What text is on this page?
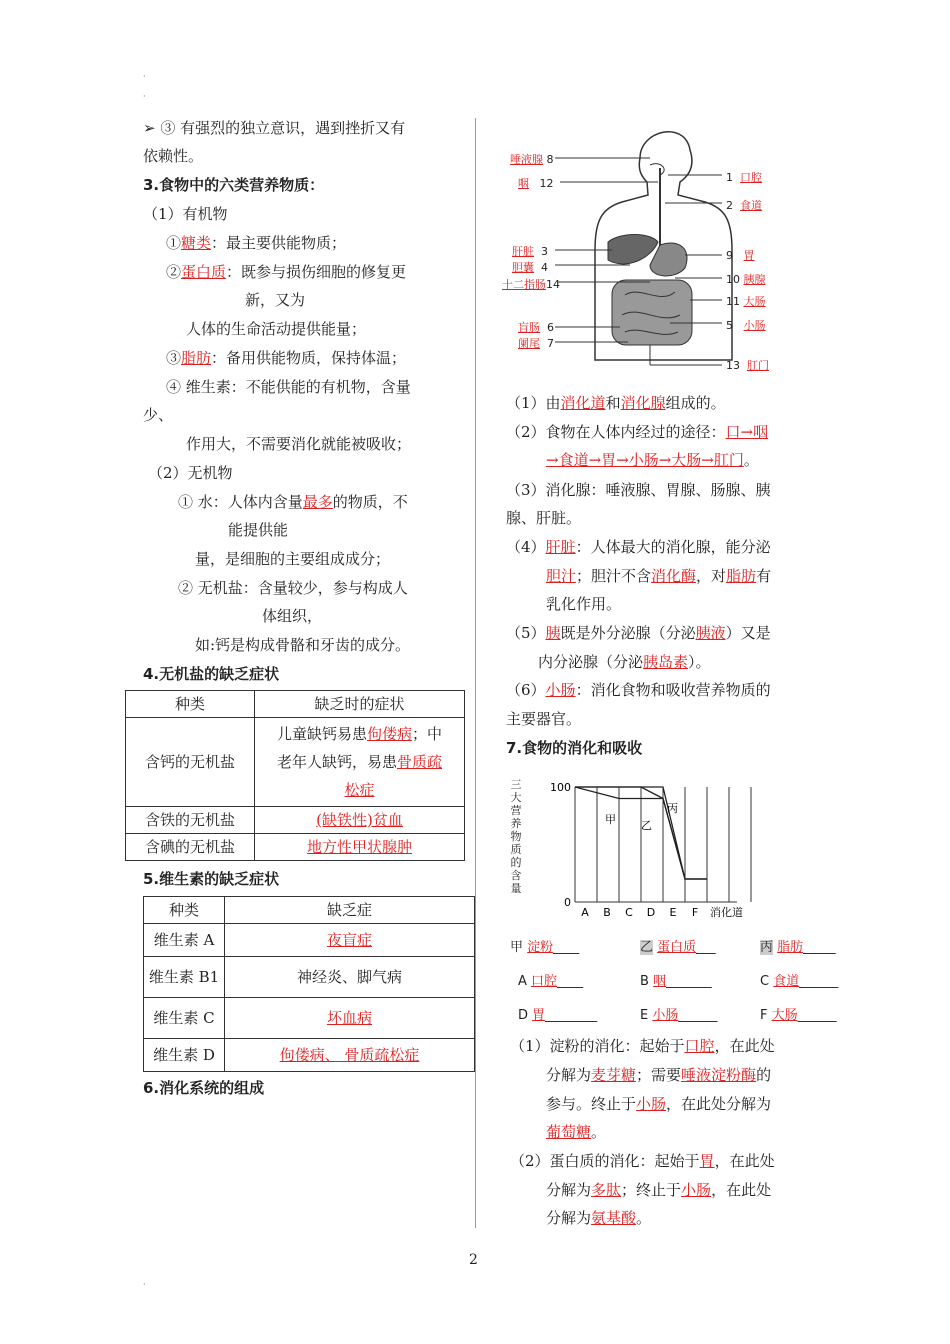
·
·
➢ ③ 有强烈的独立意识，遇到挫折又有
依赖性。
3.食物中的六类营养物质：
（1）有机物
①糖类：最主要供能物质；
②蛋白质：既参与损伤细胞的修复更
新，又为
人体的生命活动提供能量；
③脂肪：备用供能物质，保持体温；
④ 维生素：不能供能的有机物，含量
少、
作用大，不需要消化就能被吸收；
（2）无机物
① 水：人体内含量最多的物质，不
能提供能
量，是细胞的主要组成成分；
② 无机盐：含量较少，参与构成人
体组织，
如:钙是构成骨骼和牙齿的成分。
4.无机盐的缺乏症状
种类	缺乏时的症状
含钙的无机盐	儿童缺钙易患佝偻病；中
老年人缺钙，易患骨质疏
松症
含铁的无机盐	(缺铁性)贫血
含碘的无机盐	地方性甲状腺肿
5.维生素的缺乏症状
种类	缺乏症
维生素 A	夜盲症
维生素 B1	神经炎、脚气病
维生素 C	坏血病
维生素 D	佝偻病、 骨质疏松症
6.消化系统的组成
唾液腺 8
咽 12
肝脏 3
胆囊 4
十二指肠14
盲肠 6
阑尾 7
1 口腔
2 食道
9 胃
10 胰腺
11 大肠
5 小肠
13 肛门
（1）由消化道和消化腺组成的。
（2）食物在人体内经过的途径：口→咽
→食道→胃→小肠→大肠→肛门。
（3）消化腺：唾液腺、胃腺、肠腺、胰
腺、肝脏。
（4）肝脏：人体最大的消化腺，能分泌
胆汁；胆汁不含消化酶，对脂肪有
乳化作用。
（5）胰既是外分泌腺（分泌胰液）又是
内分泌腺（分泌胰岛素）。
（6）小肠：消化食物和吸收营养物质的
主要器官。
7.食物的消化和吸收
100
0
A B C D E F 消化道
甲 乙
丙
三大营养物质的含量
甲 淀粉____	乙 蛋白质___	丙 脂肪_____
A 口腔____	B 咽_______	C 食道______
D 胃________	E 小肠______	F 大肠______
（1）淀粉的消化：起始于口腔，在此处
分解为麦芽糖；需要唾液淀粉酶的
参与。终止于小肠，在此处分解为
葡萄糖。
（2）蛋白质的消化：起始于胃，在此处
分解为多肽；终止于小肠，在此处
分解为氨基酸。
2
·
